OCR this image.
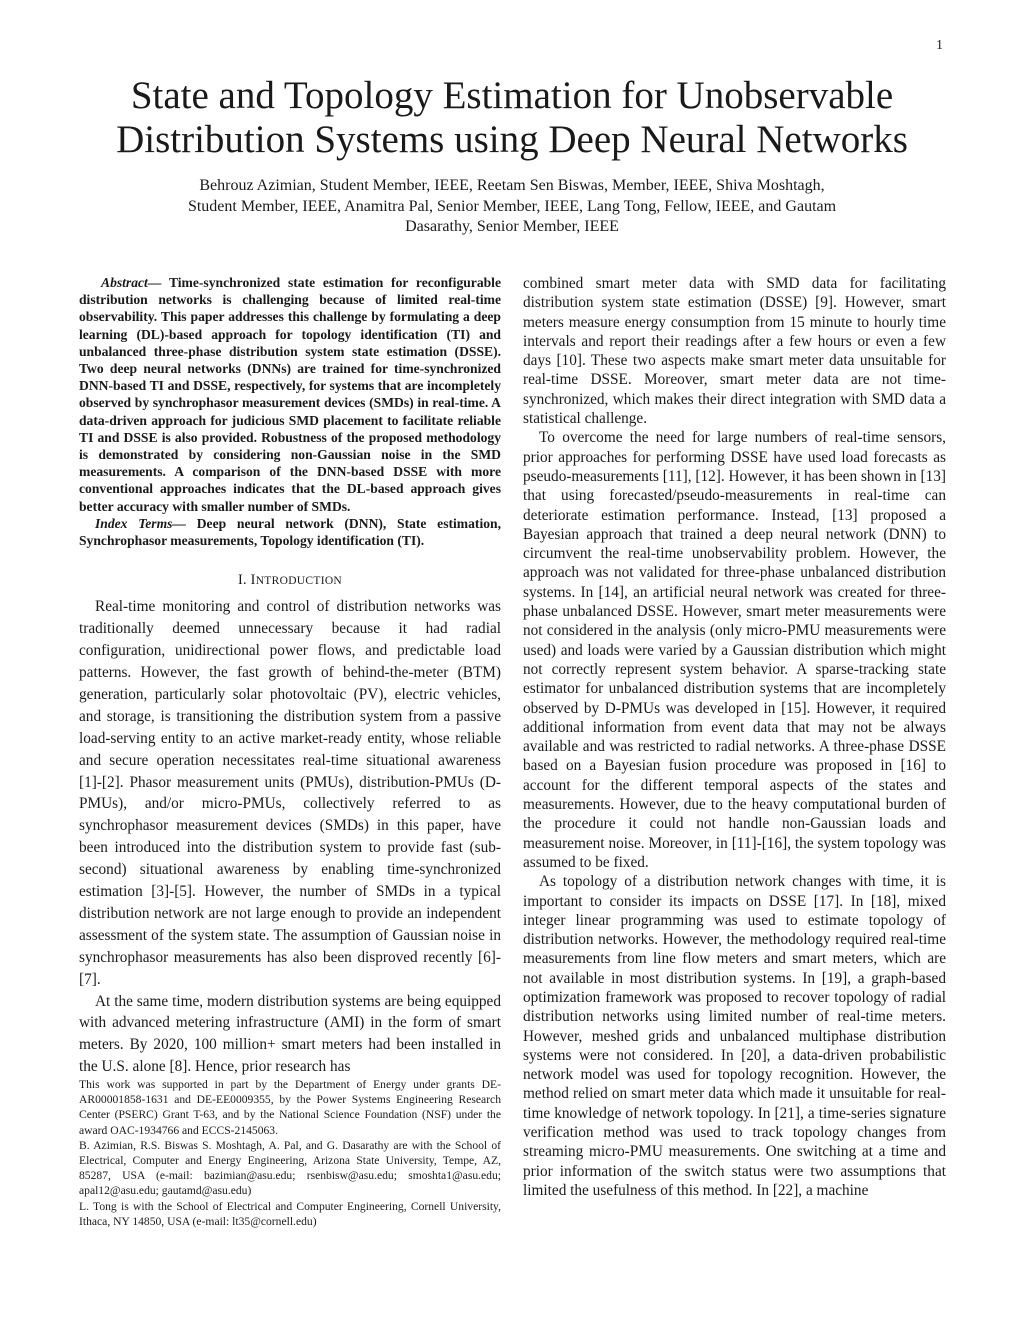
1
State and Topology Estimation for Unobservable
Distribution Systems using Deep Neural Networks
Behrouz Azimian, Student Member, IEEE, Reetam Sen Biswas, Member, IEEE, Shiva Moshtagh,
Student Member, IEEE, Anamitra Pal, Senior Member, IEEE, Lang Tong, Fellow, IEEE, and Gautam
Dasarathy, Senior Member, IEEE

Abstract— Time-synchronized state estimation for reconfigurable distribution networks is challenging because of limited real-time observability. This paper addresses this challenge by formulating a deep learning (DL)-based approach for topology identification (TI) and unbalanced three-phase distribution system state estimation (DSSE). Two deep neural networks (DNNs) are trained for time-synchronized DNN-based TI and DSSE, respectively, for systems that are incompletely observed by synchrophasor measurement devices (SMDs) in real-time. A data-driven approach for judicious SMD placement to facilitate reliable TI and DSSE is also provided. Robustness of the proposed methodology is demonstrated by considering non-Gaussian noise in the SMD measurements. A comparison of the DNN-based DSSE with more conventional approaches indicates that the DL-based approach gives better accuracy with smaller number of SMDs.

Index Terms— Deep neural network (DNN), State estimation, Synchrophasor measurements, Topology identification (TI).

I. INTRODUCTION

Real-time monitoring and control of distribution networks was traditionally deemed unnecessary because it had radial configuration, unidirectional power flows, and predictable load patterns. However, the fast growth of behind-the-meter (BTM) generation, particularly solar photovoltaic (PV), electric vehicles, and storage, is transitioning the distribution system from a passive load-serving entity to an active market-ready entity, whose reliable and secure operation necessitates real-time situational awareness [1]-[2]. Phasor measurement units (PMUs), distribution-PMUs (D-PMUs), and/or micro-PMUs, collectively referred to as synchrophasor measurement devices (SMDs) in this paper, have been introduced into the distribution system to provide fast (sub-second) situational awareness by enabling time-synchronized estimation [3]-[5]. However, the number of SMDs in a typical distribution network are not large enough to provide an independent assessment of the system state. The assumption of Gaussian noise in synchrophasor measurements has also been disproved recently [6]-[7].

At the same time, modern distribution systems are being equipped with advanced metering infrastructure (AMI) in the form of smart meters. By 2020, 100 million+ smart meters had been installed in the U.S. alone [8]. Hence, prior research has

This work was supported in part by the Department of Energy under grants DE-AR00001858-1631 and DE-EE0009355, by the Power Systems Engineering Research Center (PSERC) Grant T-63, and by the National Science Foundation (NSF) under the award OAC-1934766 and ECCS-2145063.

B. Azimian, R.S. Biswas S. Moshtagh, A. Pal, and G. Dasarathy are with the School of Electrical, Computer and Energy Engineering, Arizona State University, Tempe, AZ, 85287, USA (e-mail: bazimian@asu.edu; rsenbisw@asu.edu; smoshta1@asu.edu; apal12@asu.edu; gautamd@asu.edu)

L. Tong is with the School of Electrical and Computer Engineering, Cornell University, Ithaca, NY 14850, USA (e-mail: lt35@cornell.edu)

combined smart meter data with SMD data for facilitating distribution system state estimation (DSSE) [9]. However, smart meters measure energy consumption from 15 minute to hourly time intervals and report their readings after a few hours or even a few days [10]. These two aspects make smart meter data unsuitable for real-time DSSE. Moreover, smart meter data are not time-synchronized, which makes their direct integration with SMD data a statistical challenge.

To overcome the need for large numbers of real-time sensors, prior approaches for performing DSSE have used load forecasts as pseudo-measurements [11], [12]. However, it has been shown in [13] that using forecasted/pseudo-measurements in real-time can deteriorate estimation performance. Instead, [13] proposed a Bayesian approach that trained a deep neural network (DNN) to circumvent the real-time unobservability problem. However, the approach was not validated for three-phase unbalanced distribution systems. In [14], an artificial neural network was created for three-phase unbalanced DSSE. However, smart meter measurements were not considered in the analysis (only micro-PMU measurements were used) and loads were varied by a Gaussian distribution which might not correctly represent system behavior. A sparse-tracking state estimator for unbalanced distribution systems that are incompletely observed by D-PMUs was developed in [15]. However, it required additional information from event data that may not be always available and was restricted to radial networks. A three-phase DSSE based on a Bayesian fusion procedure was proposed in [16] to account for the different temporal aspects of the states and measurements. However, due to the heavy computational burden of the procedure it could not handle non-Gaussian loads and measurement noise. Moreover, in [11]-[16], the system topology was assumed to be fixed.

As topology of a distribution network changes with time, it is important to consider its impacts on DSSE [17]. In [18], mixed integer linear programming was used to estimate topology of distribution networks. However, the methodology required real-time measurements from line flow meters and smart meters, which are not available in most distribution systems. In [19], a graph-based optimization framework was proposed to recover topology of radial distribution networks using limited number of real-time meters. However, meshed grids and unbalanced multiphase distribution systems were not considered. In [20], a data-driven probabilistic network model was used for topology recognition. However, the method relied on smart meter data which made it unsuitable for real-time knowledge of network topology. In [21], a time-series signature verification method was used to track topology changes from streaming micro-PMU measurements. One switching at a time and prior information of the switch status were two assumptions that limited the usefulness of this method. In [22], a machine
